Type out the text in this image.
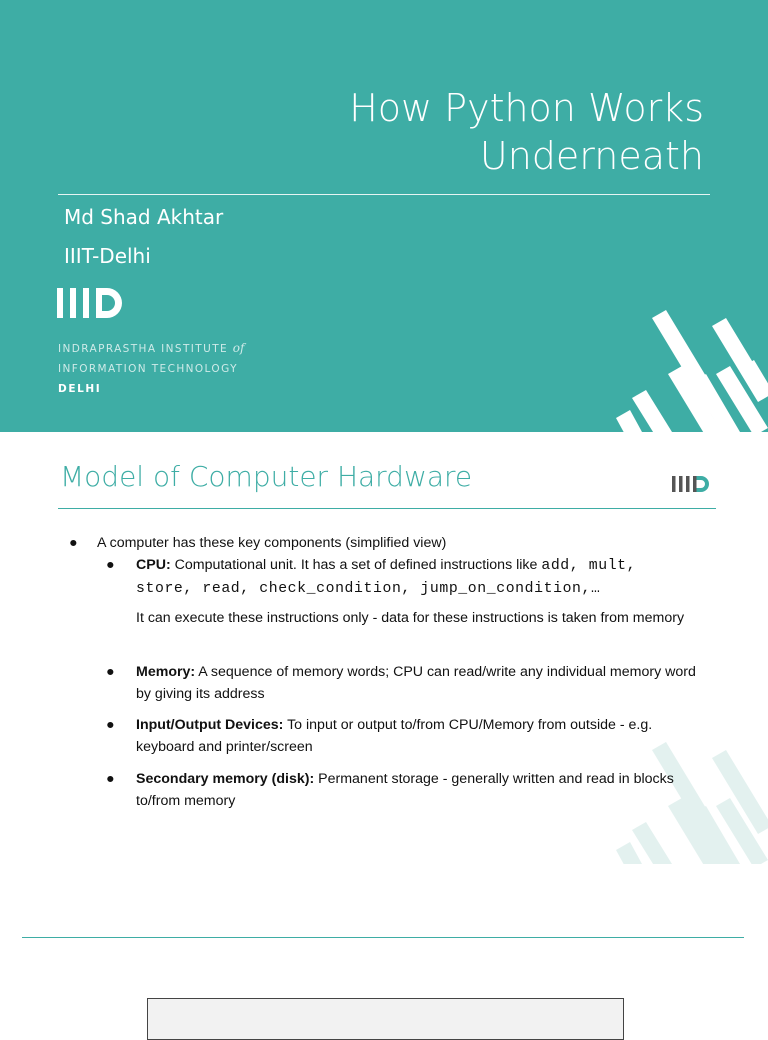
How Python Works
Underneath
Md Shad Akhtar
IIIT-Delhi
INDRAPRASTHA INSTITUTE of
INFORMATION TECHNOLOGY
DELHI
Model of Computer Hardware
● A computer has these key components (simplified view)
● CPU: Computational unit. It has a set of defined instructions like add, mult,
store, read, check_condition, jump_on_condition,…
It can execute these instructions only - data for these instructions is taken from memory
● Memory: A sequence of memory words; CPU can read/write any individual memory word by giving its address
● Input/Output Devices: To input or output to/from CPU/Memory from outside - e.g. keyboard and printer/screen
● Secondary memory (disk): Permanent storage - generally written and read in blocks to/from memory
